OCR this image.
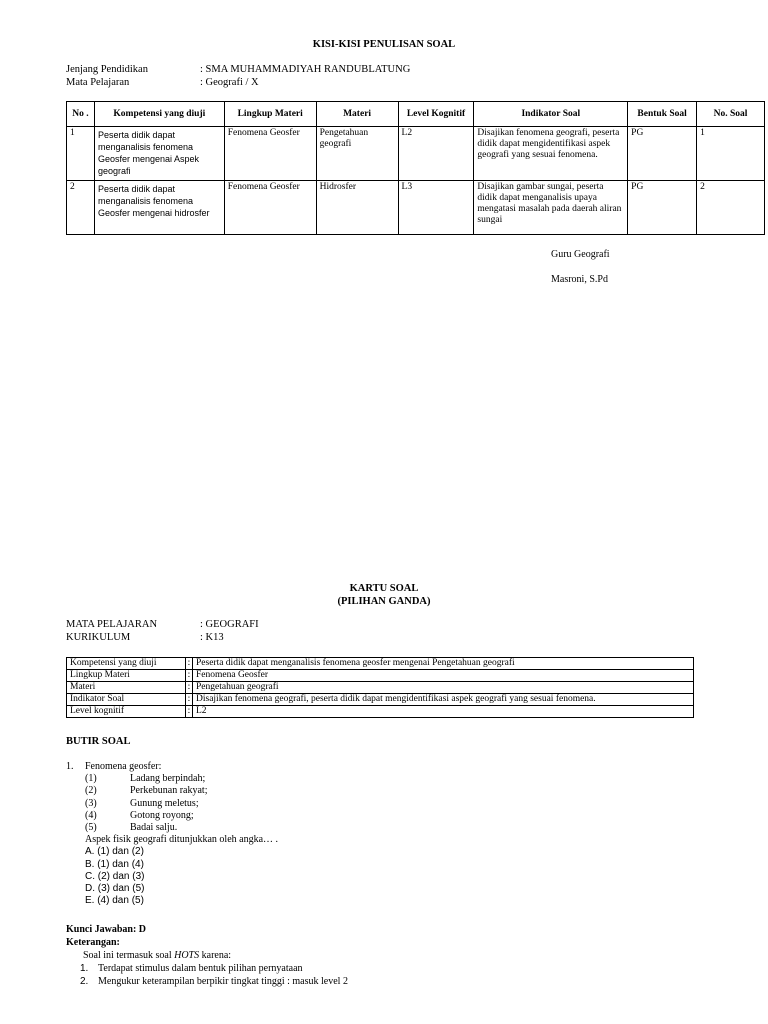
KISI-KISI PENULISAN SOAL
Jenjang Pendidikan	: SMA MUHAMMADIYAH RANDUBLATUNG
Mata Pelajaran	: Geografi / X
No .	Kompetensi yang diuji	Lingkup Materi	Materi	Level Kognitif	Indikator Soal	Bentuk Soal	No. Soal
1	Peserta didik dapat menganalisis fenomena Geosfer mengenai Aspek geografi	Fenomena Geosfer	Pengetahuan geografi	L2	Disajikan fenomena geografi, peserta didik dapat mengidentifikasi aspek geografi yang sesuai fenomena.	PG	1
2	Peserta didik dapat menganalisis fenomena Geosfer mengenai hidrosfer	Fenomena Geosfer	Hidrosfer	L3	Disajikan gambar sungai, peserta didik dapat menganalisis upaya mengatasi masalah pada daerah aliran sungai	PG	2
Guru Geografi
Masroni, S.Pd
KARTU SOAL
(PILIHAN GANDA)
MATA PELAJARAN	: GEOGRAFI
KURIKULUM	: K13
Kompetensi yang diuji	:	Peserta didik dapat menganalisis fenomena geosfer mengenai Pengetahuan geografi
Lingkup Materi	:	Fenomena Geosfer
Materi	:	Pengetahuan geografi
Indikator Soal	:	Disajikan fenomena geografi, peserta didik dapat mengidentifikasi aspek geografi yang sesuai fenomena.
Level kognitif	:	L2
BUTIR SOAL
1. Fenomena geosfer:
(1)	Ladang berpindah;
(2)	Perkebunan rakyat;
(3)	Gunung meletus;
(4)	Gotong royong;
(5)	Badai salju.
Aspek fisik geografi ditunjukkan oleh angka… .
A. (1) dan (2)
B. (1) dan (4)
C. (2) dan (3)
D. (3) dan (5)
E. (4) dan (5)
Kunci Jawaban: D
Keterangan:
Soal ini termasuk soal HOTS karena:
1. Terdapat stimulus dalam bentuk pilihan pernyataan
2. Mengukur keterampilan berpikir tingkat tinggi : masuk level 2
